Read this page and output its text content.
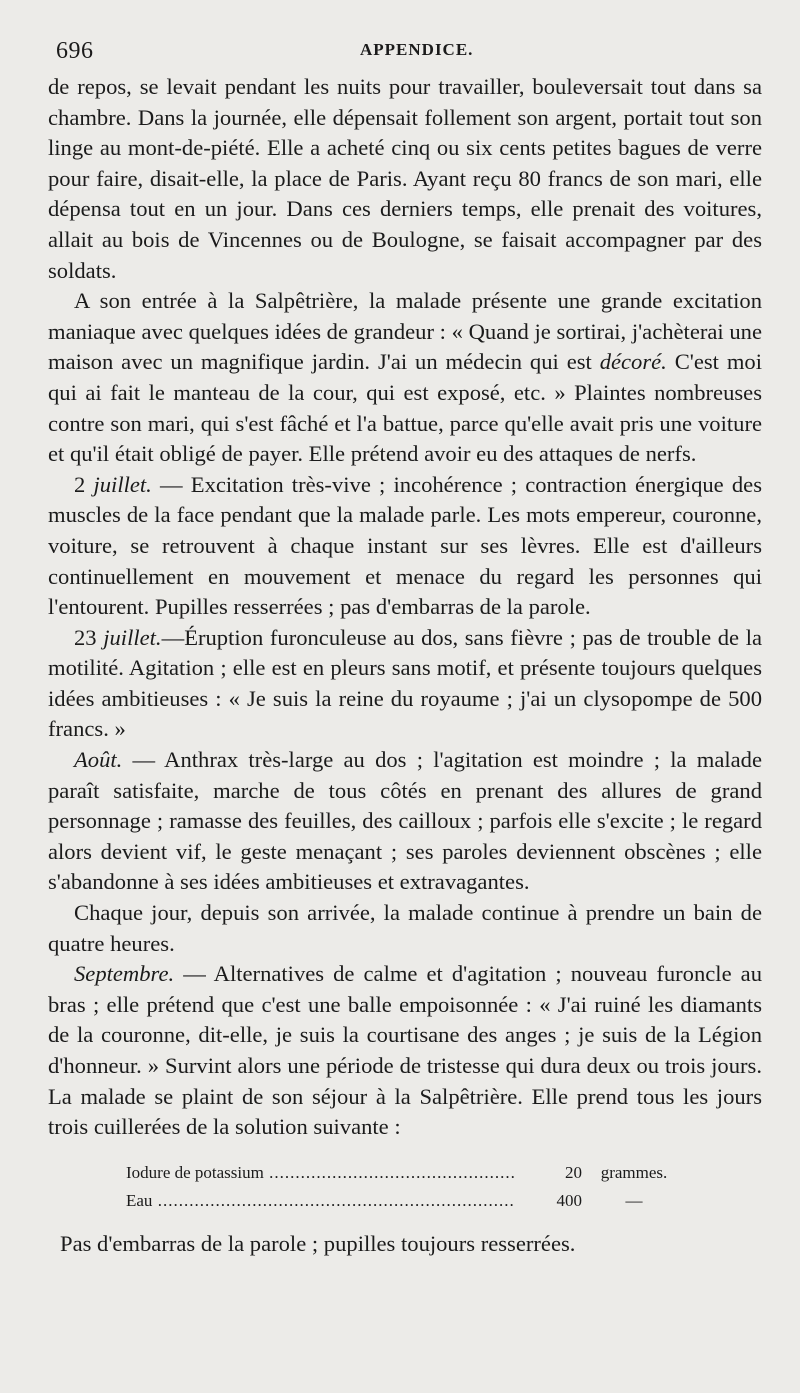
696	APPENDICE.

de repos, se levait pendant les nuits pour travailler, bouleversait tout dans sa chambre. Dans la journée, elle dépensait follement son argent, portait tout son linge au mont-de-piété. Elle a acheté cinq ou six cents petites bagues de verre pour faire, disait-elle, la place de Paris. Ayant reçu 80 francs de son mari, elle dépensa tout en un jour. Dans ces derniers temps, elle prenait des voitures, allait au bois de Vincennes ou de Boulogne, se faisait accompagner par des soldats.

A son entrée à la Salpêtrière, la malade présente une grande excitation maniaque avec quelques idées de grandeur : « Quand je sortirai, j'achèterai une maison avec un magnifique jardin. J'ai un médecin qui est décoré. C'est moi qui ai fait le manteau de la cour, qui est exposé, etc. » Plaintes nombreuses contre son mari, qui s'est fâché et l'a battue, parce qu'elle avait pris une voiture et qu'il était obligé de payer. Elle prétend avoir eu des attaques de nerfs.

2 juillet. — Excitation très-vive ; incohérence ; contraction énergique des muscles de la face pendant que la malade parle. Les mots empereur, couronne, voiture, se retrouvent à chaque instant sur ses lèvres. Elle est d'ailleurs continuellement en mouvement et menace du regard les personnes qui l'entourent. Pupilles resserrées ; pas d'embarras de la parole.

23 juillet.—Éruption furonculeuse au dos, sans fièvre ; pas de trouble de la motilité. Agitation ; elle est en pleurs sans motif, et présente toujours quelques idées ambitieuses : « Je suis la reine du royaume ; j'ai un clysopompe de 500 francs. »

Août. — Anthrax très-large au dos ; l'agitation est moindre ; la malade paraît satisfaite, marche de tous côtés en prenant des allures de grand personnage ; ramasse des feuilles, des cailloux ; parfois elle s'excite ; le regard alors devient vif, le geste menaçant ; ses paroles deviennent obscènes ; elle s'abandonne à ses idées ambitieuses et extravagantes.

Chaque jour, depuis son arrivée, la malade continue à prendre un bain de quatre heures.

Septembre. — Alternatives de calme et d'agitation ; nouveau furoncle au bras ; elle prétend que c'est une balle empoisonnée : « J'ai ruiné les diamants de la couronne, dit-elle, je suis la courtisane des anges ; je suis de la Légion d'honneur. » Survint alors une période de tristesse qui dura deux ou trois jours. La malade se plaint de son séjour à la Salpêtrière. Elle prend tous les jours trois cuillerées de la solution suivante :

Iodure de potassium .....	20	grammes.
Eau .....	400	—
Pas d'embarras de la parole ; pupilles toujours resserrées.
